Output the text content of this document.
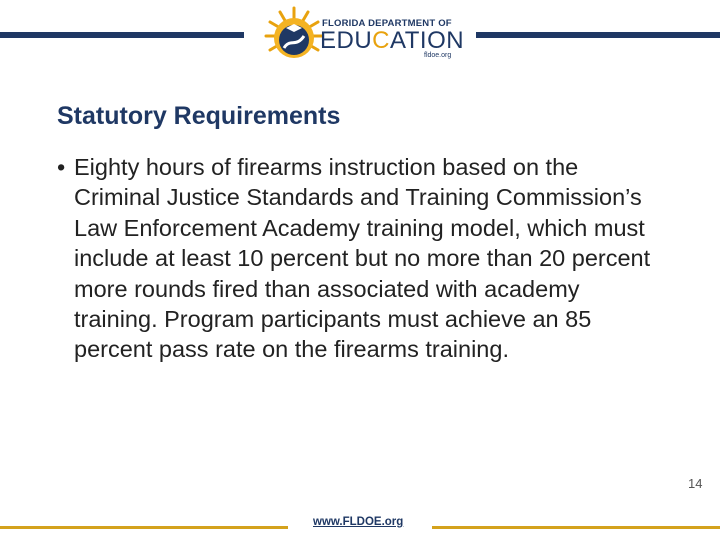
FLORIDA DEPARTMENT OF
EDUCATION
fldoe.org
Statutory Requirements
• Eighty hours of firearms instruction based on the Criminal Justice Standards and Training Commission’s Law Enforcement Academy training model, which must include at least 10 percent but no more than 20 percent more rounds fired than associated with academy training. Program participants must achieve an 85 percent pass rate on the firearms training.
www.FLDOE.org
14
